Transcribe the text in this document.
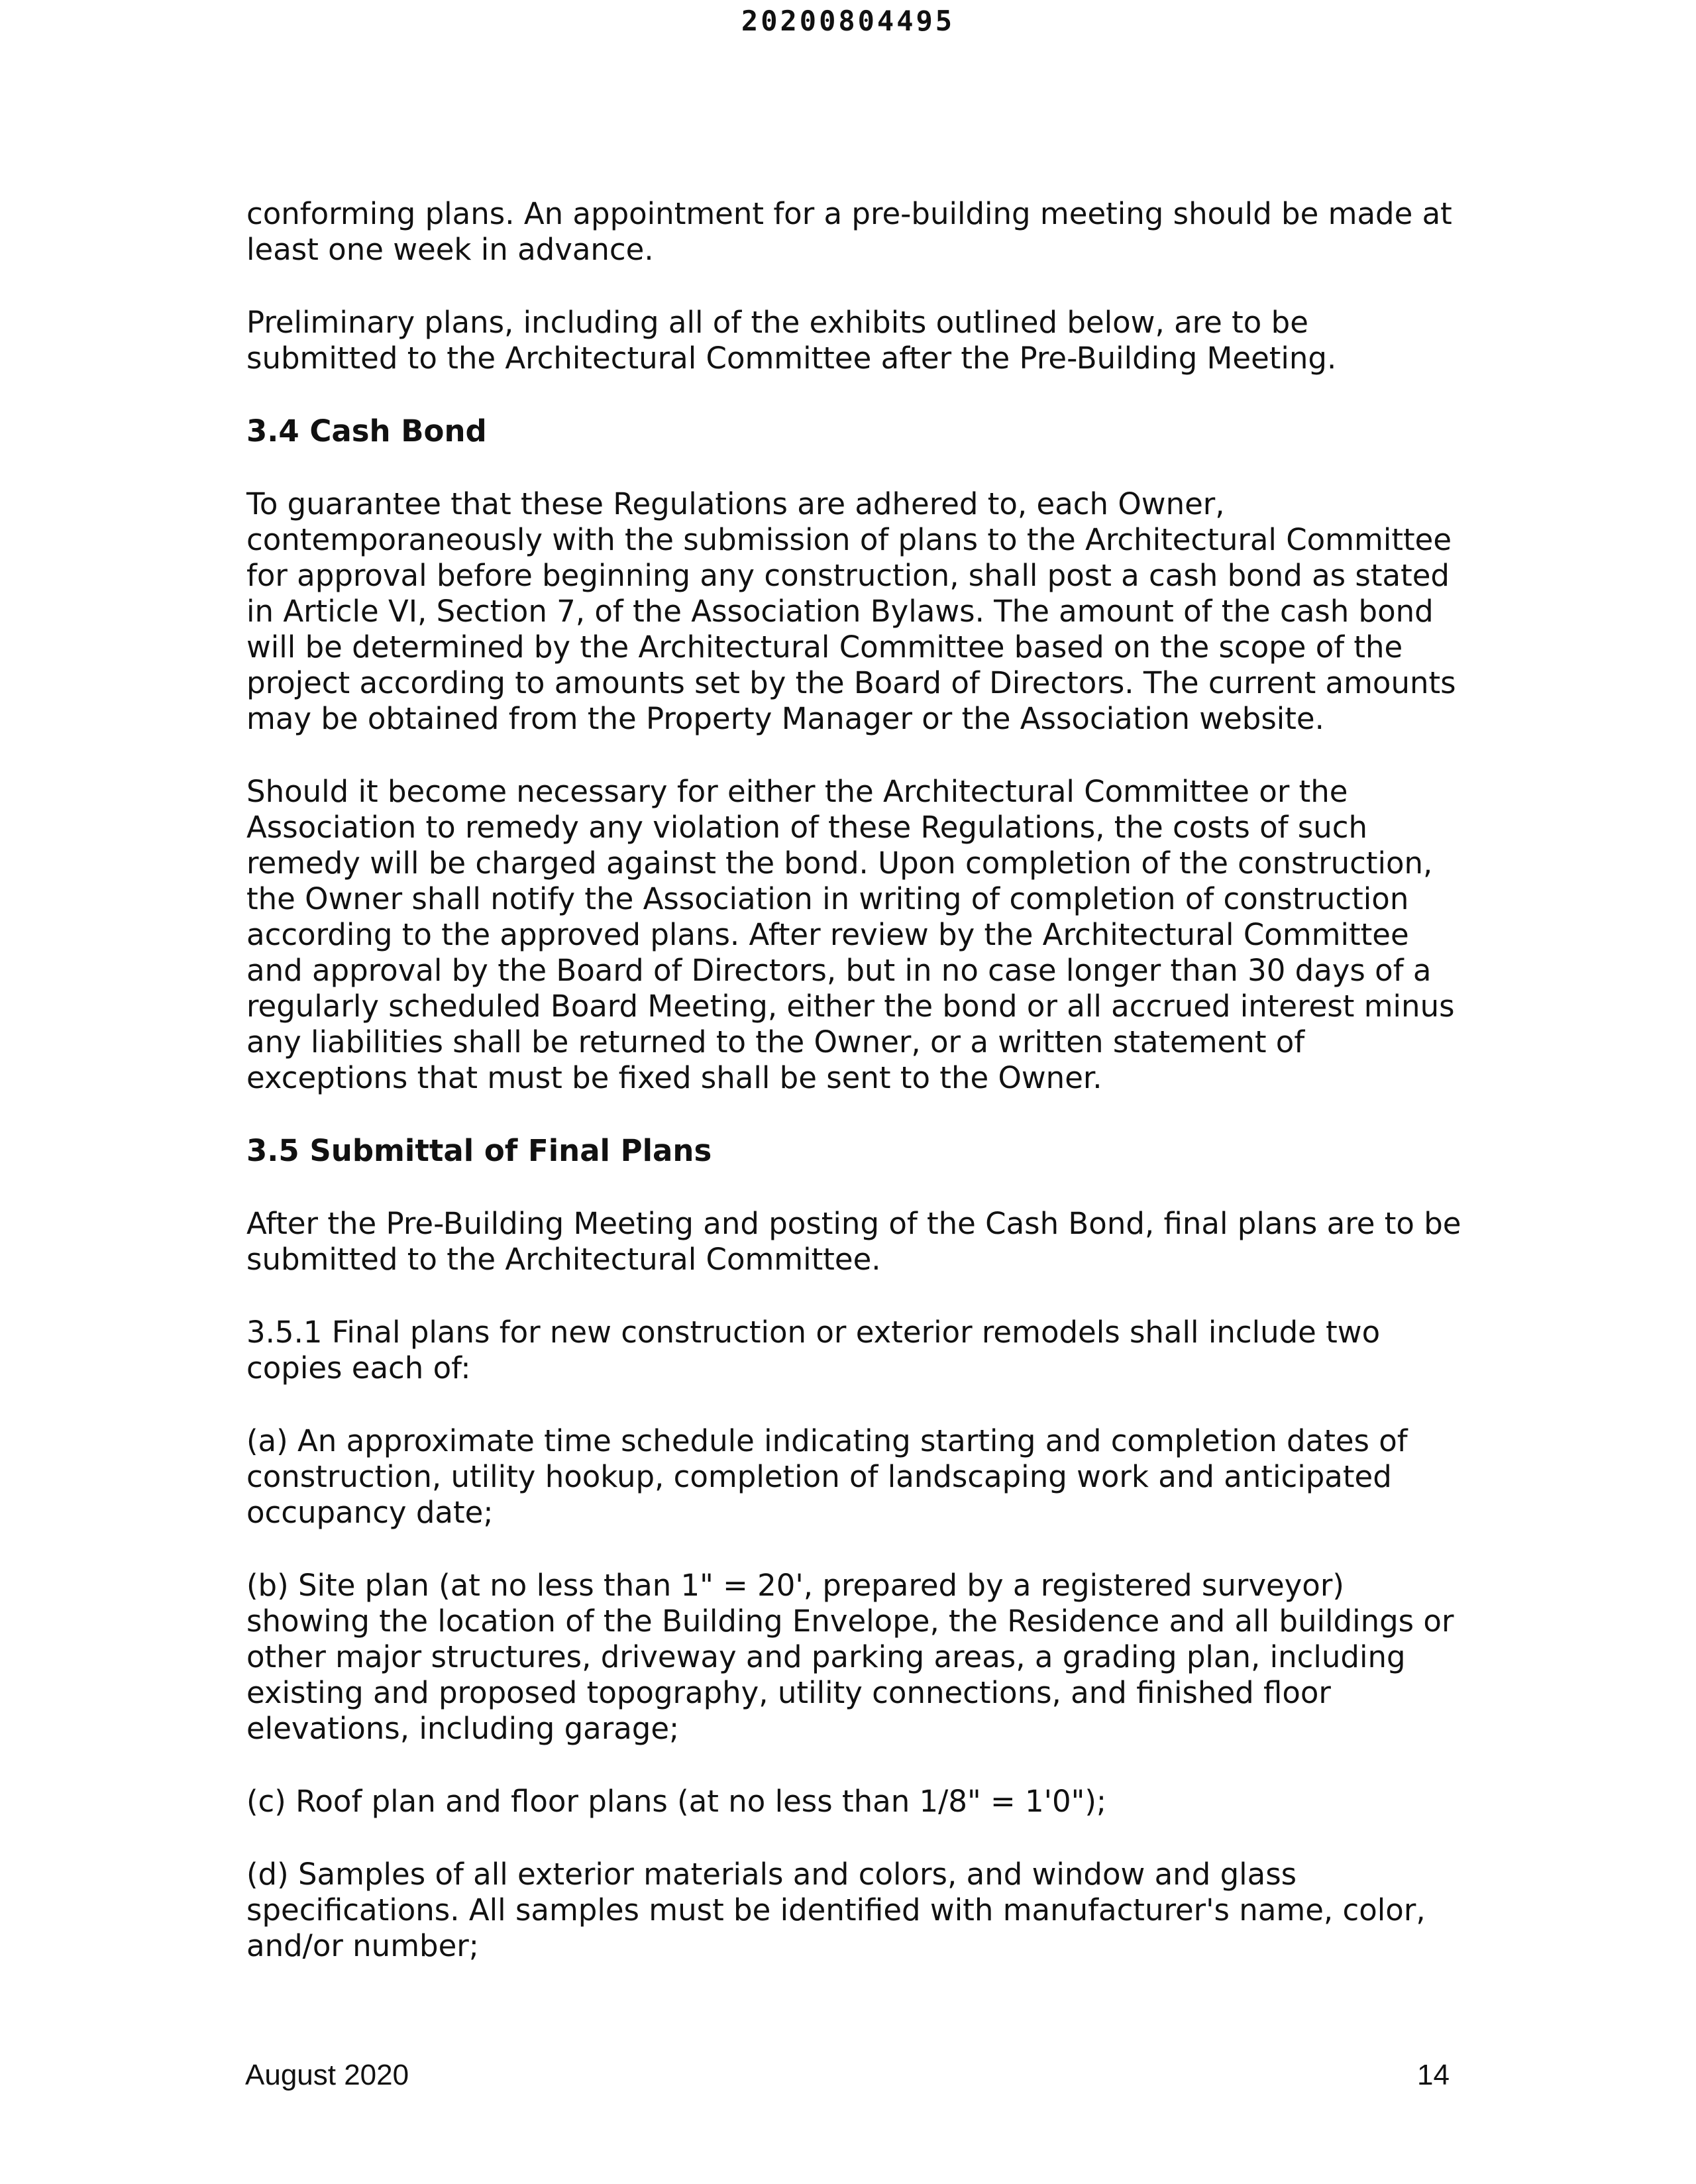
20200804495

conforming plans. An appointment for a pre-building meeting should be made at least one week in advance.

Preliminary plans, including all of the exhibits outlined below, are to be submitted to the Architectural Committee after the Pre-Building Meeting.

3.4 Cash Bond

To guarantee that these Regulations are adhered to, each Owner, contemporaneously with the submission of plans to the Architectural Committee for approval before beginning any construction, shall post a cash bond as stated in Article VI, Section 7, of the Association Bylaws. The amount of the cash bond will be determined by the Architectural Committee based on the scope of the project according to amounts set by the Board of Directors. The current amounts may be obtained from the Property Manager or the Association website.

Should it become necessary for either the Architectural Committee or the Association to remedy any violation of these Regulations, the costs of such remedy will be charged against the bond. Upon completion of the construction, the Owner shall notify the Association in writing of completion of construction according to the approved plans. After review by the Architectural Committee and approval by the Board of Directors, but in no case longer than 30 days of a regularly scheduled Board Meeting, either the bond or all accrued interest minus any liabilities shall be returned to the Owner, or a written statement of exceptions that must be fixed shall be sent to the Owner.

3.5 Submittal of Final Plans

After the Pre-Building Meeting and posting of the Cash Bond, final plans are to be submitted to the Architectural Committee.

3.5.1 Final plans for new construction or exterior remodels shall include two copies each of:

(a) An approximate time schedule indicating starting and completion dates of construction, utility hookup, completion of landscaping work and anticipated occupancy date;

(b) Site plan (at no less than 1" = 20', prepared by a registered surveyor) showing the location of the Building Envelope, the Residence and all buildings or other major structures, driveway and parking areas, a grading plan, including existing and proposed topography, utility connections, and finished floor elevations, including garage;

(c) Roof plan and floor plans (at no less than 1/8" = 1'0");

(d) Samples of all exterior materials and colors, and window and glass specifications. All samples must be identified with manufacturer's name, color, and/or number;

August 2020	14
